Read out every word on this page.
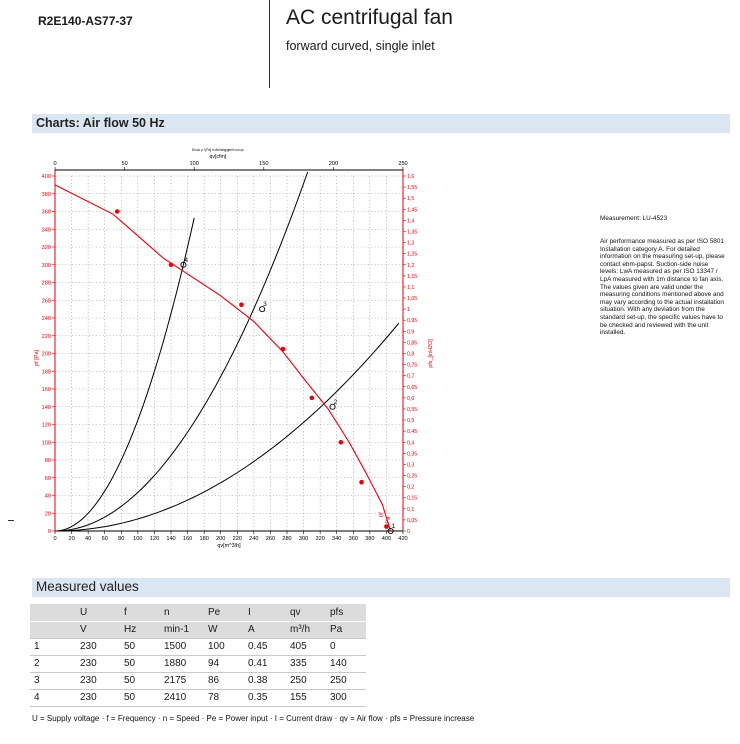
R2E140-AS77-37	AC centrifugal fan
forward curved, single inlet
Charts: Air flow 50 Hz
0 20 40 60 80 100 120 140 160 180 200 220 240 260 280 300 320 340 360 380 400 420
qv[m^3/h]
0	50	100	150	200	250
qv[cfm]
Druck p f [Pa] in Abhängigkeit von qv
0
20
40
60
80
100
120
140
160
180
200
220
240
260
280
300
320
340
360
380
400
pf [Pa]
0
0,05
0,1
0,15
0,2
0,25
0,3
0,35
0,4
0,45
0,5
0,55
0,6
0,65
0,7
0,75
0,8
0,85
0,9
0,95
1
1,05
1,1
1,15
1,2
1,25
1,3
1,35
1,4
1,45
1,5
1,55
1,6
pfs_[inH2O]
1
2
3
4
pf
Pa
Measurement: LU-4523
Air performance measured as per ISO 5801
Installation category A. For detailed
information on the measuring set-up, please
contact ebm-papst. Suction-side noise
levels: LwA measured as per ISO 13347 /
LpA measured with 1m distance to fan axis.
The values given are valid under the
measuring conditions mentioned above and
may vary according to the actual installation
situation. With any deviation from the
standard set-up, the specific values have to
be checked and reviewed with the unit
installed.
Measured values
	U	f	n	Pe	I	qv	pfs
	V	Hz	min-1	W	A	m³/h	Pa
1	230	50	1500	100	0.45	405	0
2	230	50	1880	94	0.41	335	140
3	230	50	2175	86	0.38	250	250
4	230	50	2410	78	0.35	155	300
U = Supply voltage · f = Frequency · n = Speed · Pe = Power input · I = Current draw · qv = Air flow · pfs = Pressure increase
